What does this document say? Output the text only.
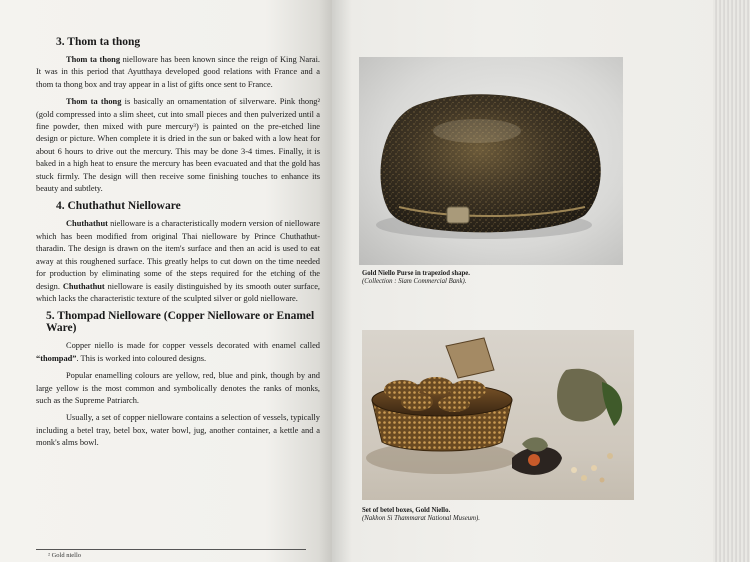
3. Thom ta thong

Thom ta thong nielloware has been known since the reign of King Narai. It was in this period that Ayutthaya developed good relations with France and a thom ta thong box and tray appear in a list of gifts once sent to France.

Thom ta thong is basically an ornamentation of silverware. Pink thong² (gold compressed into a slim sheet, cut into small pieces and then pulverized until a fine powder, then mixed with pure mercury³) is painted on the pre-etched line design or picture. When complete it is dried in the sun or baked with a low heat for about 6 hours to drive out the mercury. This may be done 3-4 times. Finally, it is baked in a high heat to ensure the mercury has been evacuated and that the gold has stuck firmly. The design will then receive some finishing touches to enhance its beauty and subtlety.

4. Chuthathut Nielloware

Chuthathut nielloware is a characteristically modern version of nielloware which has been modified from original Thai nielloware by Prince Chuthathut-tharadin. The design is drawn on the item's surface and then an acid is used to eat away at this roughened surface. This greatly helps to cut down on the time needed for production by eliminating some of the steps required for the etching of the design. Chuthathut nielloware is easily distinguished by its smooth outer surface, which lacks the characteristic texture of the sculpted silver or gold nielloware.

5. Thompad Nielloware (Copper Nielloware or Enamel Ware)

Copper niello is made for copper vessels decorated with enamel called “thompad”. This is worked into coloured designs.

Popular enamelling colours are yellow, red, blue and pink, though by and large yellow is the most common and symbolically denotes the ranks of monks, such as the Supreme Patriarch.

Usually, a set of copper nielloware contains a selection of vessels, typically including a betel tray, betel box, water bowl, jug, another container, a kettle and a monk's alms bowl.

² Gold niello
Gold Niello Purse in trapeziod shape.
(Collection : Siam Commercial Bank).
Set of betel boxes, Gold Niello.
(Nakhon Si Thammarat National Museum).
